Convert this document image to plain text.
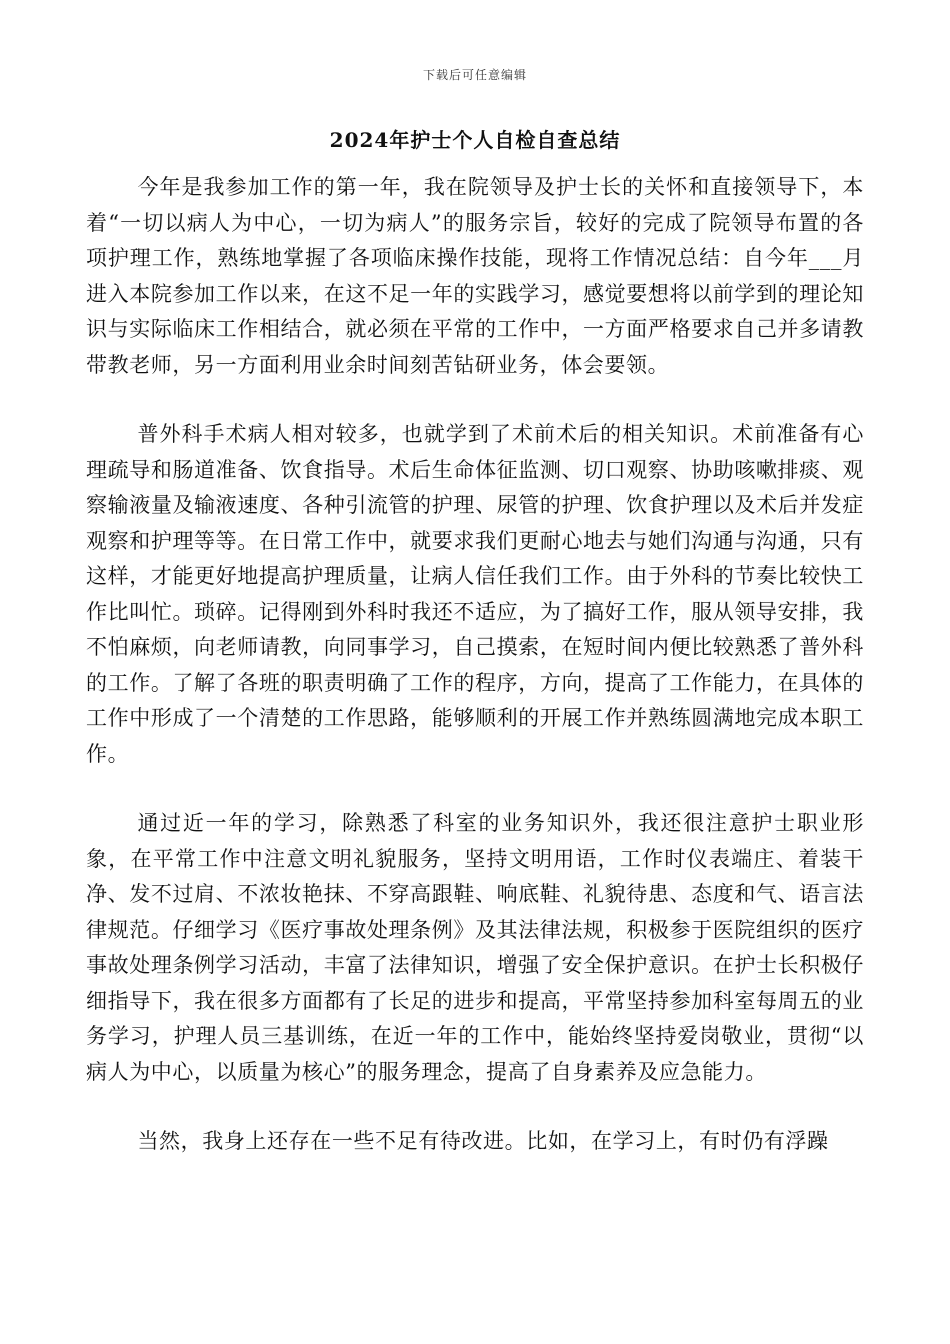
下载后可任意编辑
2024年护士个人自检自查总结

今年是我参加工作的第一年，我在院领导及护士长的关怀和直接领导下，本着“一切以病人为中心，一切为病人”的服务宗旨，较好的完成了院领导布置的各项护理工作，熟练地掌握了各项临床操作技能，现将工作情况总结：自今年___月进入本院参加工作以来，在这不足一年的实践学习，感觉要想将以前学到的理论知识与实际临床工作相结合，就必须在平常的工作中，一方面严格要求自己并多请教带教老师，另一方面利用业余时间刻苦钻研业务，体会要领。

普外科手术病人相对较多，也就学到了术前术后的相关知识。术前准备有心理疏导和肠道准备、饮食指导。术后生命体征监测、切口观察、协助咳嗽排痰、观察输液量及输液速度、各种引流管的护理、尿管的护理、饮食护理以及术后并发症观察和护理等等。在日常工作中，就要求我们更耐心地去与她们沟通与沟通，只有这样，才能更好地提高护理质量，让病人信任我们工作。由于外科的节奏比较快工作比叫忙。琐碎。记得刚到外科时我还不适应，为了搞好工作，服从领导安排，我不怕麻烦，向老师请教，向同事学习，自己摸索，在短时间内便比较熟悉了普外科的工作。了解了各班的职责明确了工作的程序，方向，提高了工作能力，在具体的工作中形成了一个清楚的工作思路，能够顺利的开展工作并熟练圆满地完成本职工作。

通过近一年的学习，除熟悉了科室的业务知识外，我还很注意护士职业形象，在平常工作中注意文明礼貌服务，坚持文明用语，工作时仪表端庄、着装干净、发不过肩、不浓妆艳抹、不穿高跟鞋、响底鞋、礼貌待患、态度和气、语言法律规范。仔细学习《医疗事故处理条例》及其法律法规，积极参于医院组织的医疗事故处理条例学习活动，丰富了法律知识，增强了安全保护意识。在护士长积极仔细指导下，我在很多方面都有了长足的进步和提高，平常坚持参加科室每周五的业务学习，护理人员三基训练，在近一年的工作中，能始终坚持爱岗敬业，贯彻“以病人为中心，以质量为核心”的服务理念，提高了自身素养及应急能力。

当然，我身上还存在一些不足有待改进。比如，在学习上，有时仍有浮躁
